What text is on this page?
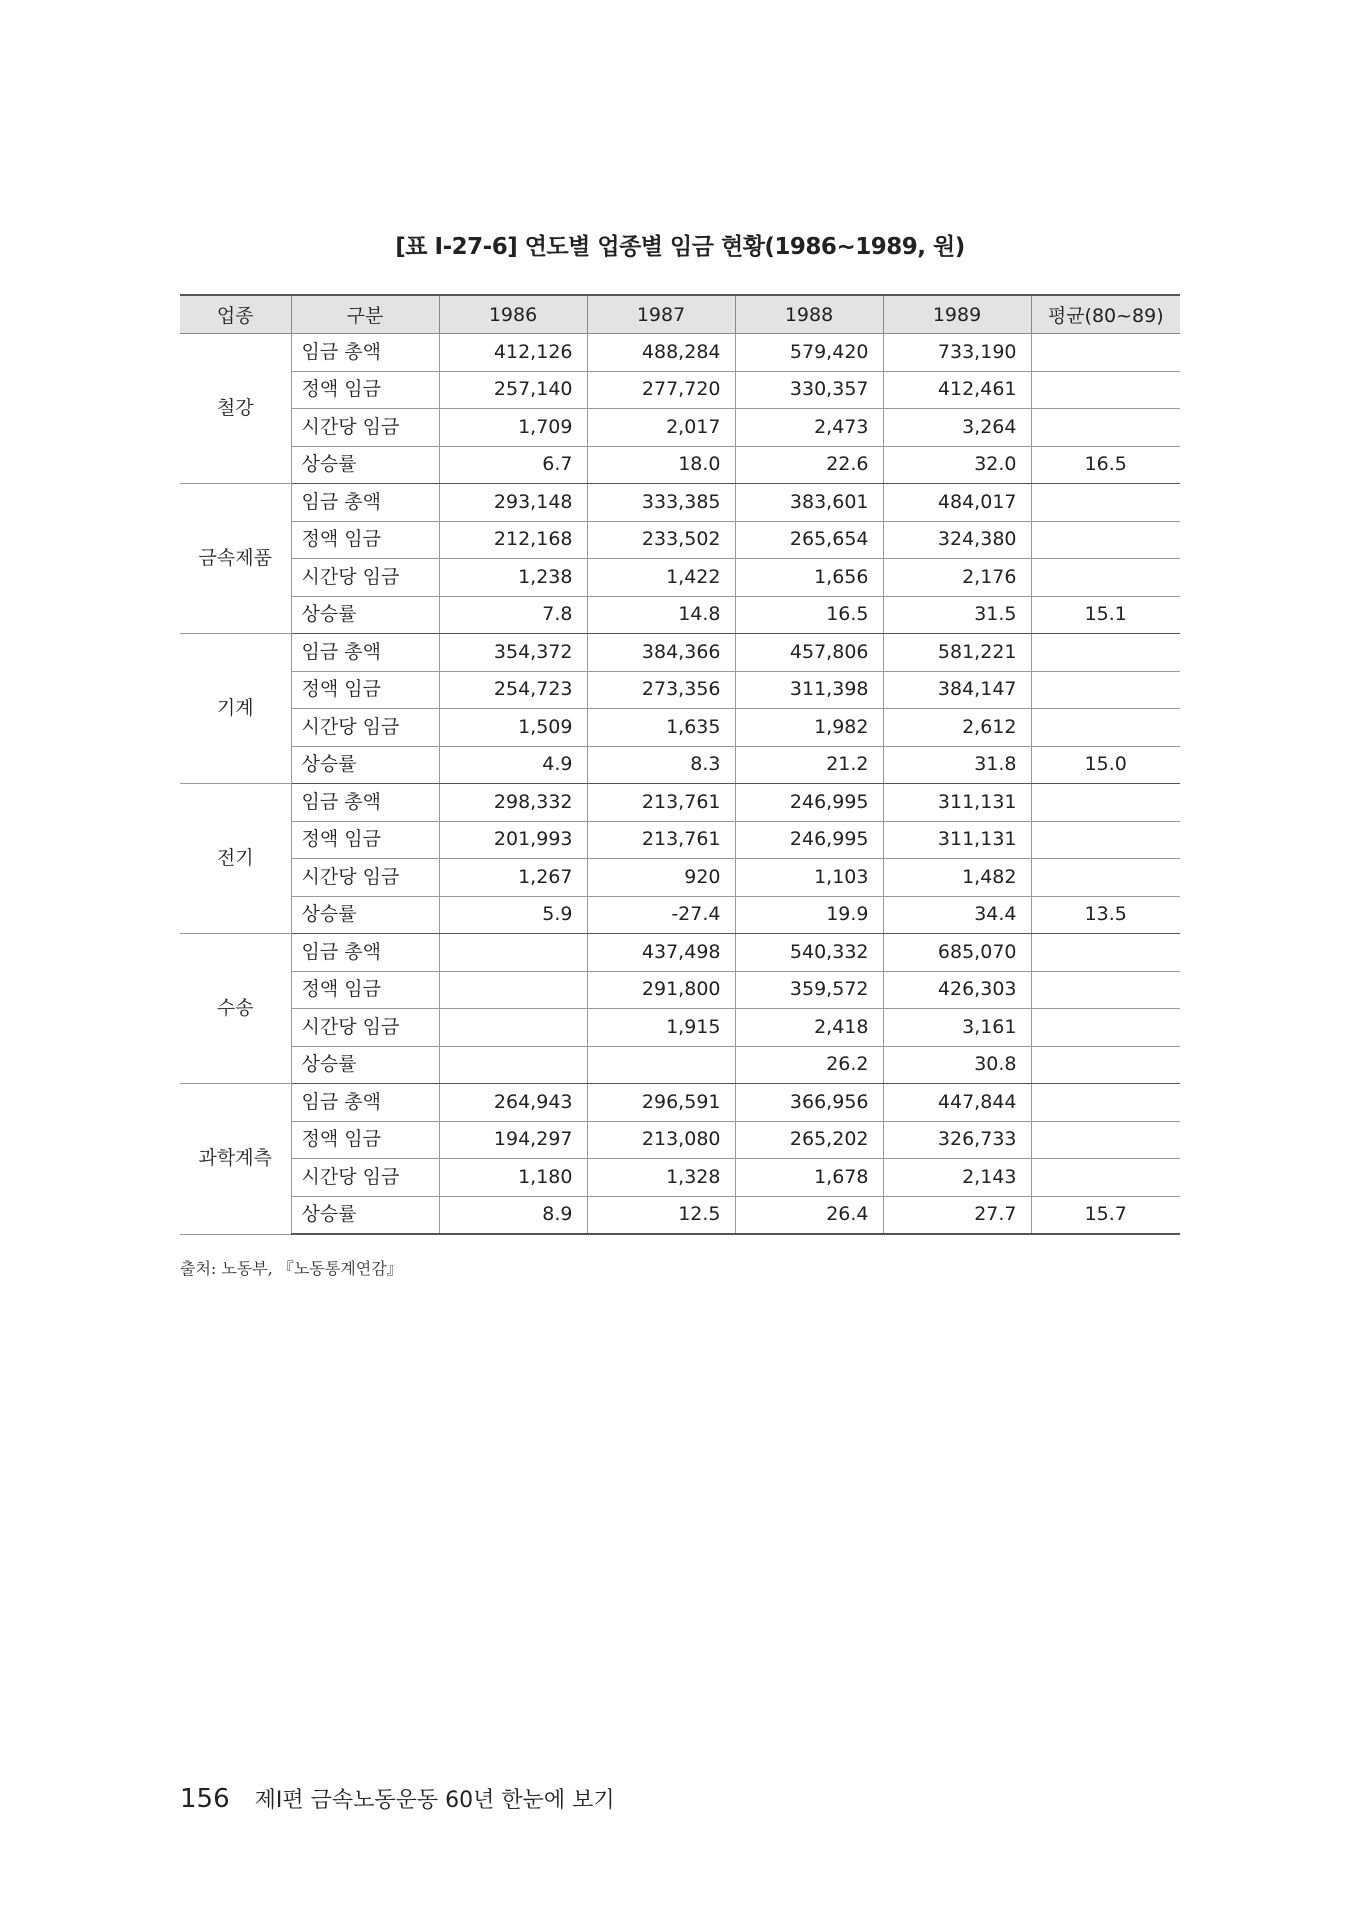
[표 Ⅰ-27-6] 연도별 업종별 임금 현황(1986~1989, 원)
업종	구분	1986	1987	1988	1989	평균(80~89)
철강	임금 총액	412,126	488,284	579,420	733,190	
	정액 임금	257,140	277,720	330,357	412,461	
	시간당 임금	1,709	2,017	2,473	3,264	
	상승률	6.7	18.0	22.6	32.0	16.5
금속제품	임금 총액	293,148	333,385	383,601	484,017	
	정액 임금	212,168	233,502	265,654	324,380	
	시간당 임금	1,238	1,422	1,656	2,176	
	상승률	7.8	14.8	16.5	31.5	15.1
기계	임금 총액	354,372	384,366	457,806	581,221	
	정액 임금	254,723	273,356	311,398	384,147	
	시간당 임금	1,509	1,635	1,982	2,612	
	상승률	4.9	8.3	21.2	31.8	15.0
전기	임금 총액	298,332	213,761	246,995	311,131	
	정액 임금	201,993	213,761	246,995	311,131	
	시간당 임금	1,267	920	1,103	1,482	
	상승률	5.9	-27.4	19.9	34.4	13.5
수송	임금 총액		437,498	540,332	685,070	
	정액 임금		291,800	359,572	426,303	
	시간당 임금		1,915	2,418	3,161	
	상승률			26.2	30.8	
과학계측	임금 총액	264,943	296,591	366,956	447,844	
	정액 임금	194,297	213,080	265,202	326,733	
	시간당 임금	1,180	1,328	1,678	2,143	
	상승률	8.9	12.5	26.4	27.7	15.7
출처: 노동부, 『노동통계연감』
156 제Ⅰ편 금속노동운동 60년 한눈에 보기
